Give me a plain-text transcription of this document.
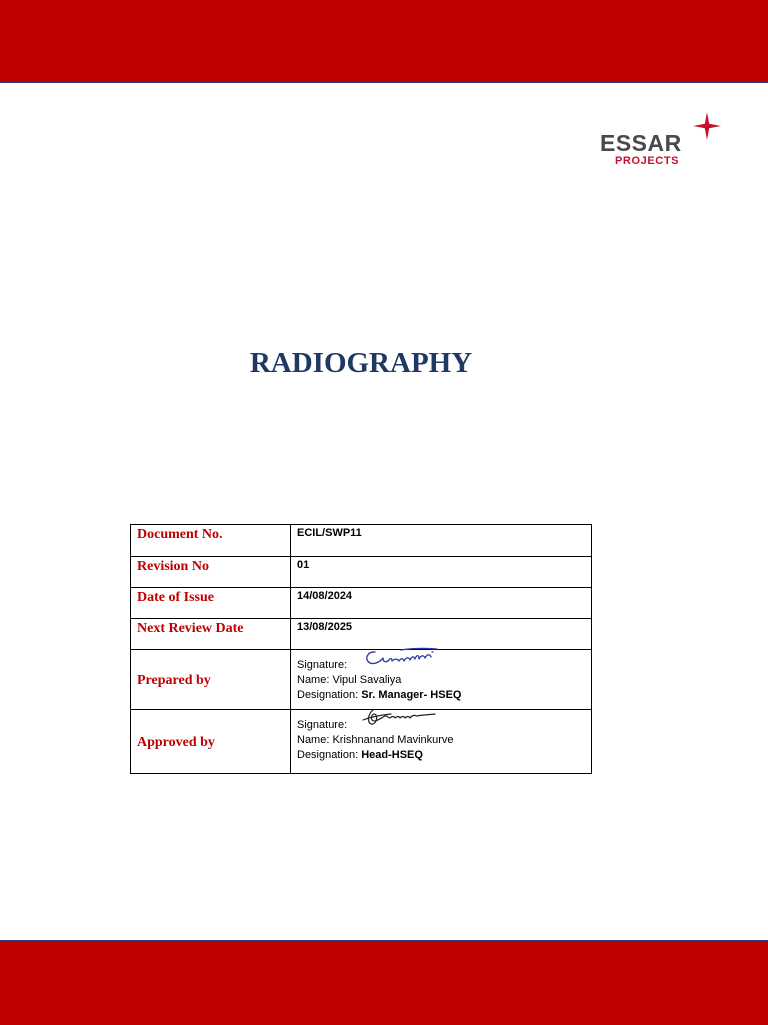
ESSAR
PROJECTS
RADIOGRAPHY
Document No.	ECIL/SWP11

Revision No	01

Date of Issue	14/08/2024

Next Review Date	13/08/2025

Prepared by	Signature:
Name: Vipul Savaliya
Designation: Sr. Manager- HSEQ

Approved by	Signature:
Name: Krishnanand Mavinkurve
Designation: Head-HSEQ
